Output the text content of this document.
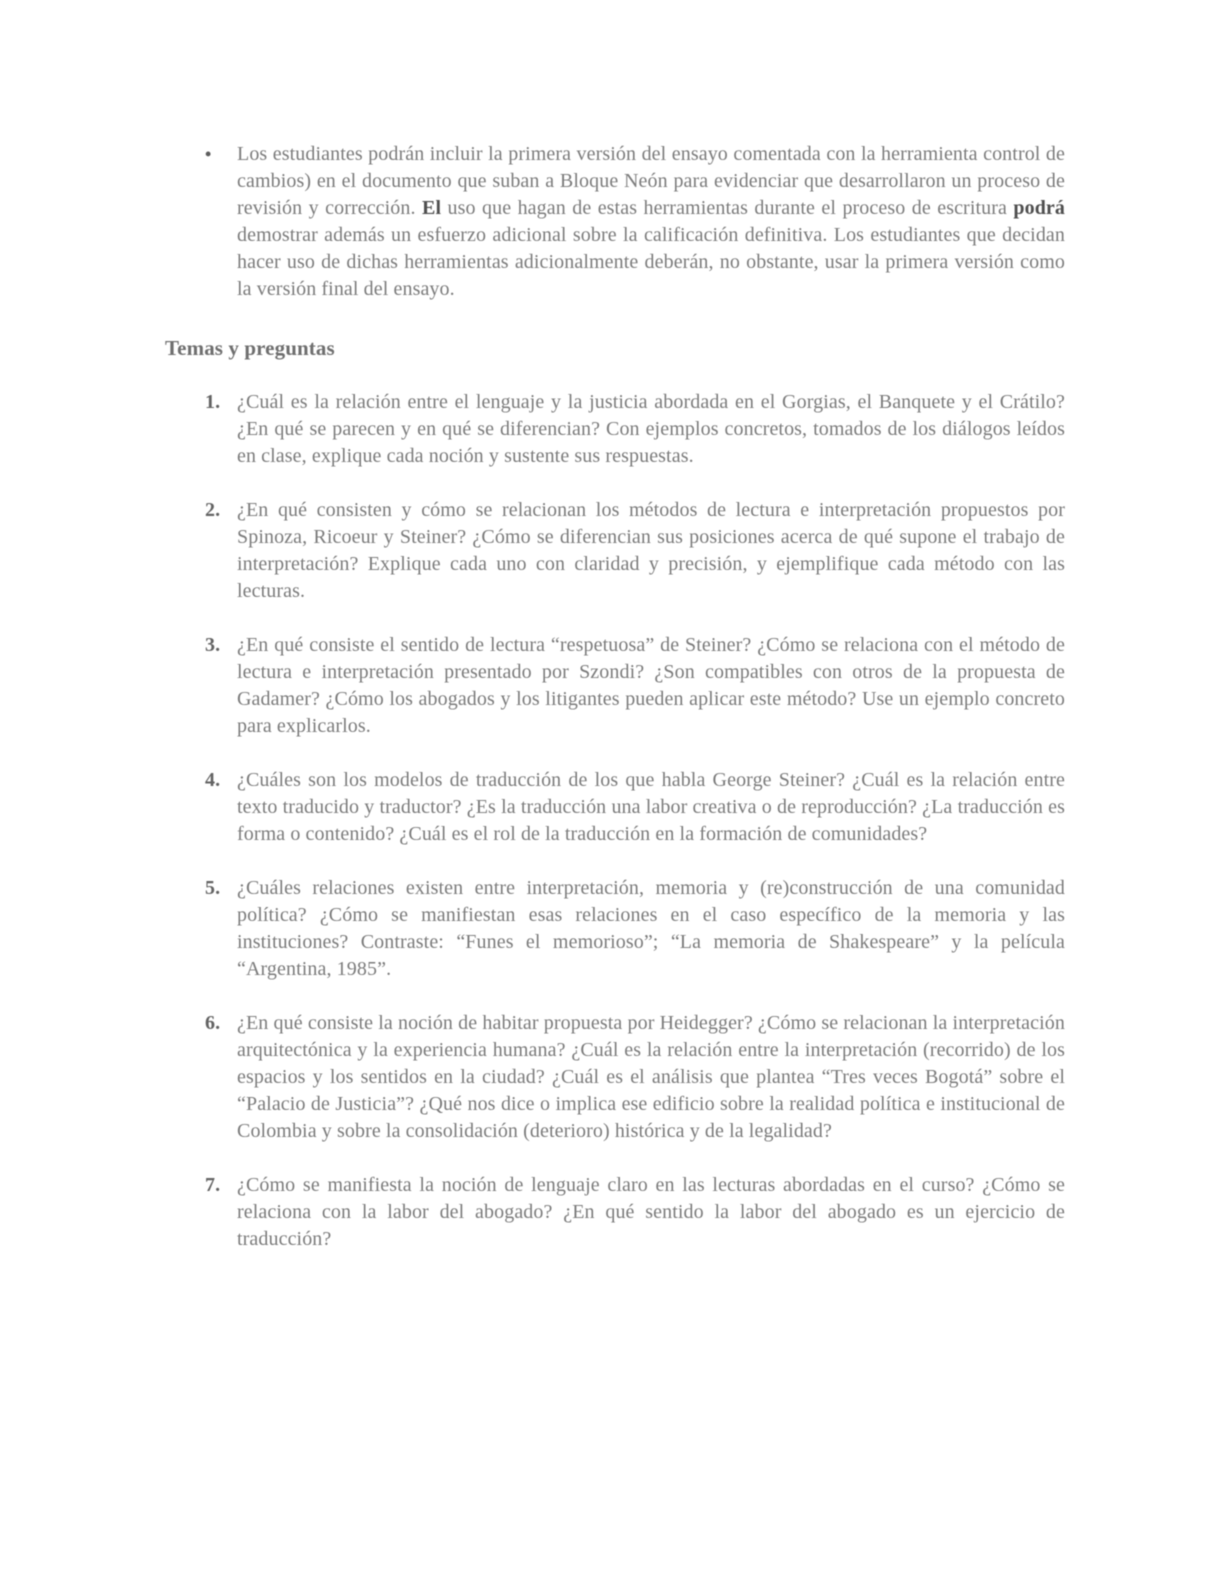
• Los estudiantes podrán incluir la primera versión del ensayo comentada con la herramienta control de cambios) en el documento que suban a Bloque Neón para evidenciar que desarrollaron un proceso de revisión y corrección. El uso que hagan de estas herramientas durante el proceso de escritura podrá demostrar además un esfuerzo adicional sobre la calificación definitiva. Los estudiantes que decidan hacer uso de dichas herramientas adicionalmente deberán, no obstante, usar la primera versión como la versión final del ensayo.

Temas y preguntas
1. ¿Cuál es la relación entre el lenguaje y la justicia abordada en el Gorgias, el Banquete y el Crátilo? ¿En qué se parecen y en qué se diferencian? Con ejemplos concretos, tomados de los diálogos leídos en clase, explique cada noción y sustente sus respuestas.
2. ¿En qué consisten y cómo se relacionan los métodos de lectura e interpretación propuestos por Spinoza, Ricoeur y Steiner? ¿Cómo se diferencian sus posiciones acerca de qué supone el trabajo de interpretación? Explique cada uno con claridad y precisión, y ejemplifique cada método con las lecturas.
3. ¿En qué consiste el sentido de lectura “respetuosa” de Steiner? ¿Cómo se relaciona con el método de lectura e interpretación presentado por Szondi? ¿Son compatibles con otros de la propuesta de Gadamer? ¿Cómo los abogados y los litigantes pueden aplicar este método? Use un ejemplo concreto para explicarlos.
4. ¿Cuáles son los modelos de traducción de los que habla George Steiner? ¿Cuál es la relación entre texto traducido y traductor? ¿Es la traducción una labor creativa o de reproducción? ¿La traducción es forma o contenido? ¿Cuál es el rol de la traducción en la formación de comunidades?
5. ¿Cuáles relaciones existen entre interpretación, memoria y (re)construcción de una comunidad política? ¿Cómo se manifiestan esas relaciones en el caso específico de la memoria y las instituciones? Contraste: “Funes el memorioso”; “La memoria de Shakespeare” y la película “Argentina, 1985”.
6. ¿En qué consiste la noción de habitar propuesta por Heidegger? ¿Cómo se relacionan la interpretación arquitectónica y la experiencia humana? ¿Cuál es la relación entre la interpretación (recorrido) de los espacios y los sentidos en la ciudad? ¿Cuál es el análisis que plantea “Tres veces Bogotá” sobre el “Palacio de Justicia”? ¿Qué nos dice o implica ese edificio sobre la realidad política e institucional de Colombia y sobre la consolidación (deterioro) histórica y de la legalidad?
7. ¿Cómo se manifiesta la noción de lenguaje claro en las lecturas abordadas en el curso? ¿Cómo se relaciona con la labor del abogado? ¿En qué sentido la labor del abogado es un ejercicio de traducción?
